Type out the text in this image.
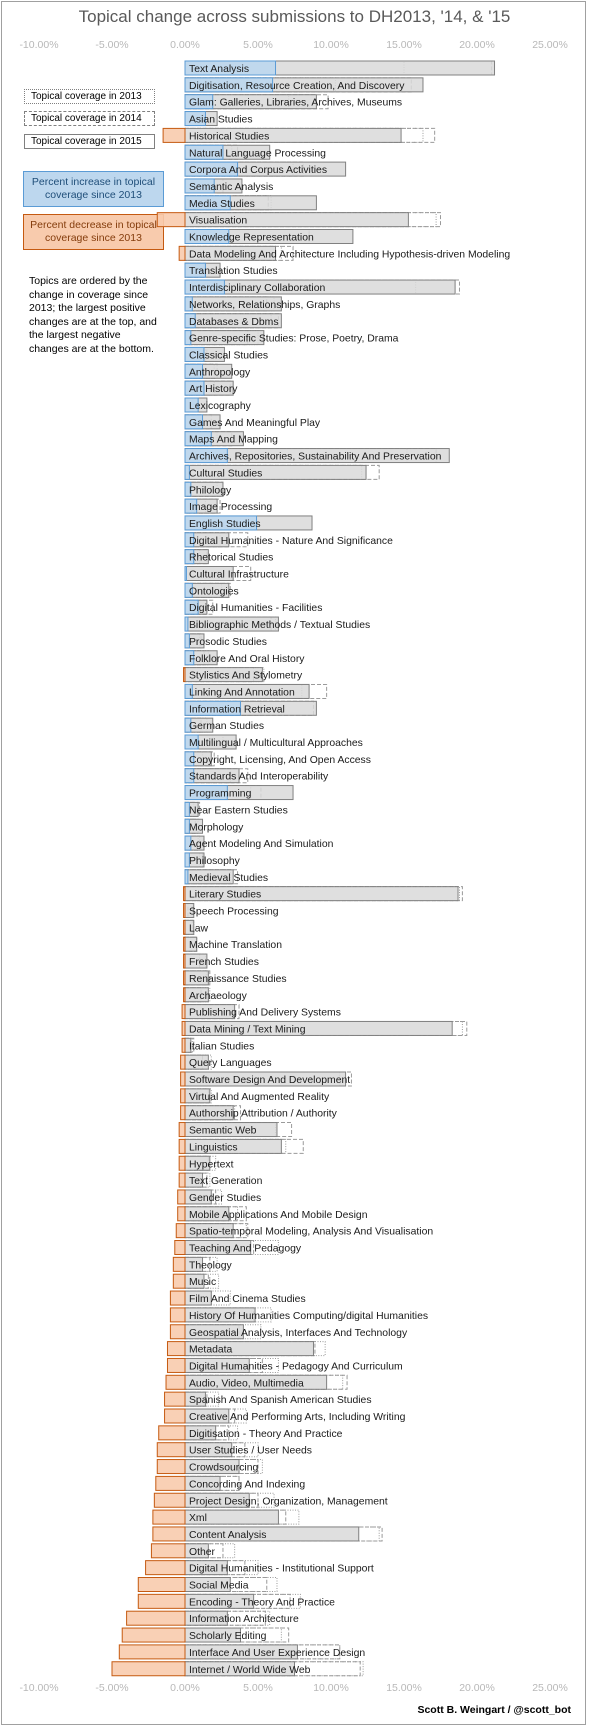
Topical change across submissions to DH2013, '14, & '15
Topical coverage in 2013
Topical coverage in 2014
Topical coverage in 2015
Percent increase in topical coverage since 2013
Percent decrease in topical coverage since 2013
Topics are ordered by the change in coverage since 2013; the largest positive changes are at the top, and the largest negative changes are at the bottom.
Scott B. Weingart / @scott_bot
-10.00%
-10.00%
-5.00%
-5.00%
0.00%
0.00%
5.00%
5.00%
10.00%
10.00%
15.00%
15.00%
20.00%
20.00%
25.00%
25.00%
Text Analysis
Digitisation, Resource Creation, And Discovery
Glam: Galleries, Libraries, Archives, Museums
Asian Studies
Historical Studies
Natural Language Processing
Corpora And Corpus Activities
Semantic Analysis
Media Studies
Visualisation
Knowledge Representation
Data Modeling And Architecture Including Hypothesis-driven Modeling
Translation Studies
Interdisciplinary Collaboration
Networks, Relationships, Graphs
Databases & Dbms
Genre-specific Studies: Prose, Poetry, Drama
Classical Studies
Anthropology
Art History
Lexicography
Games And Meaningful Play
Maps And Mapping
Archives, Repositories, Sustainability And Preservation
Cultural Studies
Philology
Image Processing
English Studies
Digital Humanities - Nature And Significance
Rhetorical Studies
Cultural Infrastructure
Ontologies
Digital Humanities - Facilities
Bibliographic Methods / Textual Studies
Prosodic Studies
Folklore And Oral History
Stylistics And Stylometry
Linking And Annotation
Information Retrieval
German Studies
Multilingual / Multicultural Approaches
Copyright, Licensing, And Open Access
Standards And Interoperability
Programming
Near Eastern Studies
Morphology
Agent Modeling And Simulation
Philosophy
Medieval Studies
Literary Studies
Speech Processing
Law
Machine Translation
French Studies
Renaissance Studies
Archaeology
Publishing And Delivery Systems
Data Mining / Text Mining
Italian Studies
Query Languages
Software Design And Development
Virtual And Augmented Reality
Authorship Attribution / Authority
Semantic Web
Linguistics
Hypertext
Text Generation
Gender Studies
Mobile Applications And Mobile Design
Spatio-temporal Modeling, Analysis And Visualisation
Teaching And Pedagogy
Theology
Music
Film And Cinema Studies
History Of Humanities Computing/digital Humanities
Geospatial Analysis, Interfaces And Technology
Metadata
Digital Humanities - Pedagogy And Curriculum
Audio, Video, Multimedia
Spanish And Spanish American Studies
Creative And Performing Arts, Including Writing
Digitisation - Theory And Practice
User Studies / User Needs
Crowdsourcing
Concording And Indexing
Project Design, Organization, Management
Xml
Content Analysis
Other
Digital Humanities - Institutional Support
Social Media
Encoding - Theory And Practice
Information Architecture
Scholarly Editing
Interface And User Experience Design
Internet / World Wide Web
